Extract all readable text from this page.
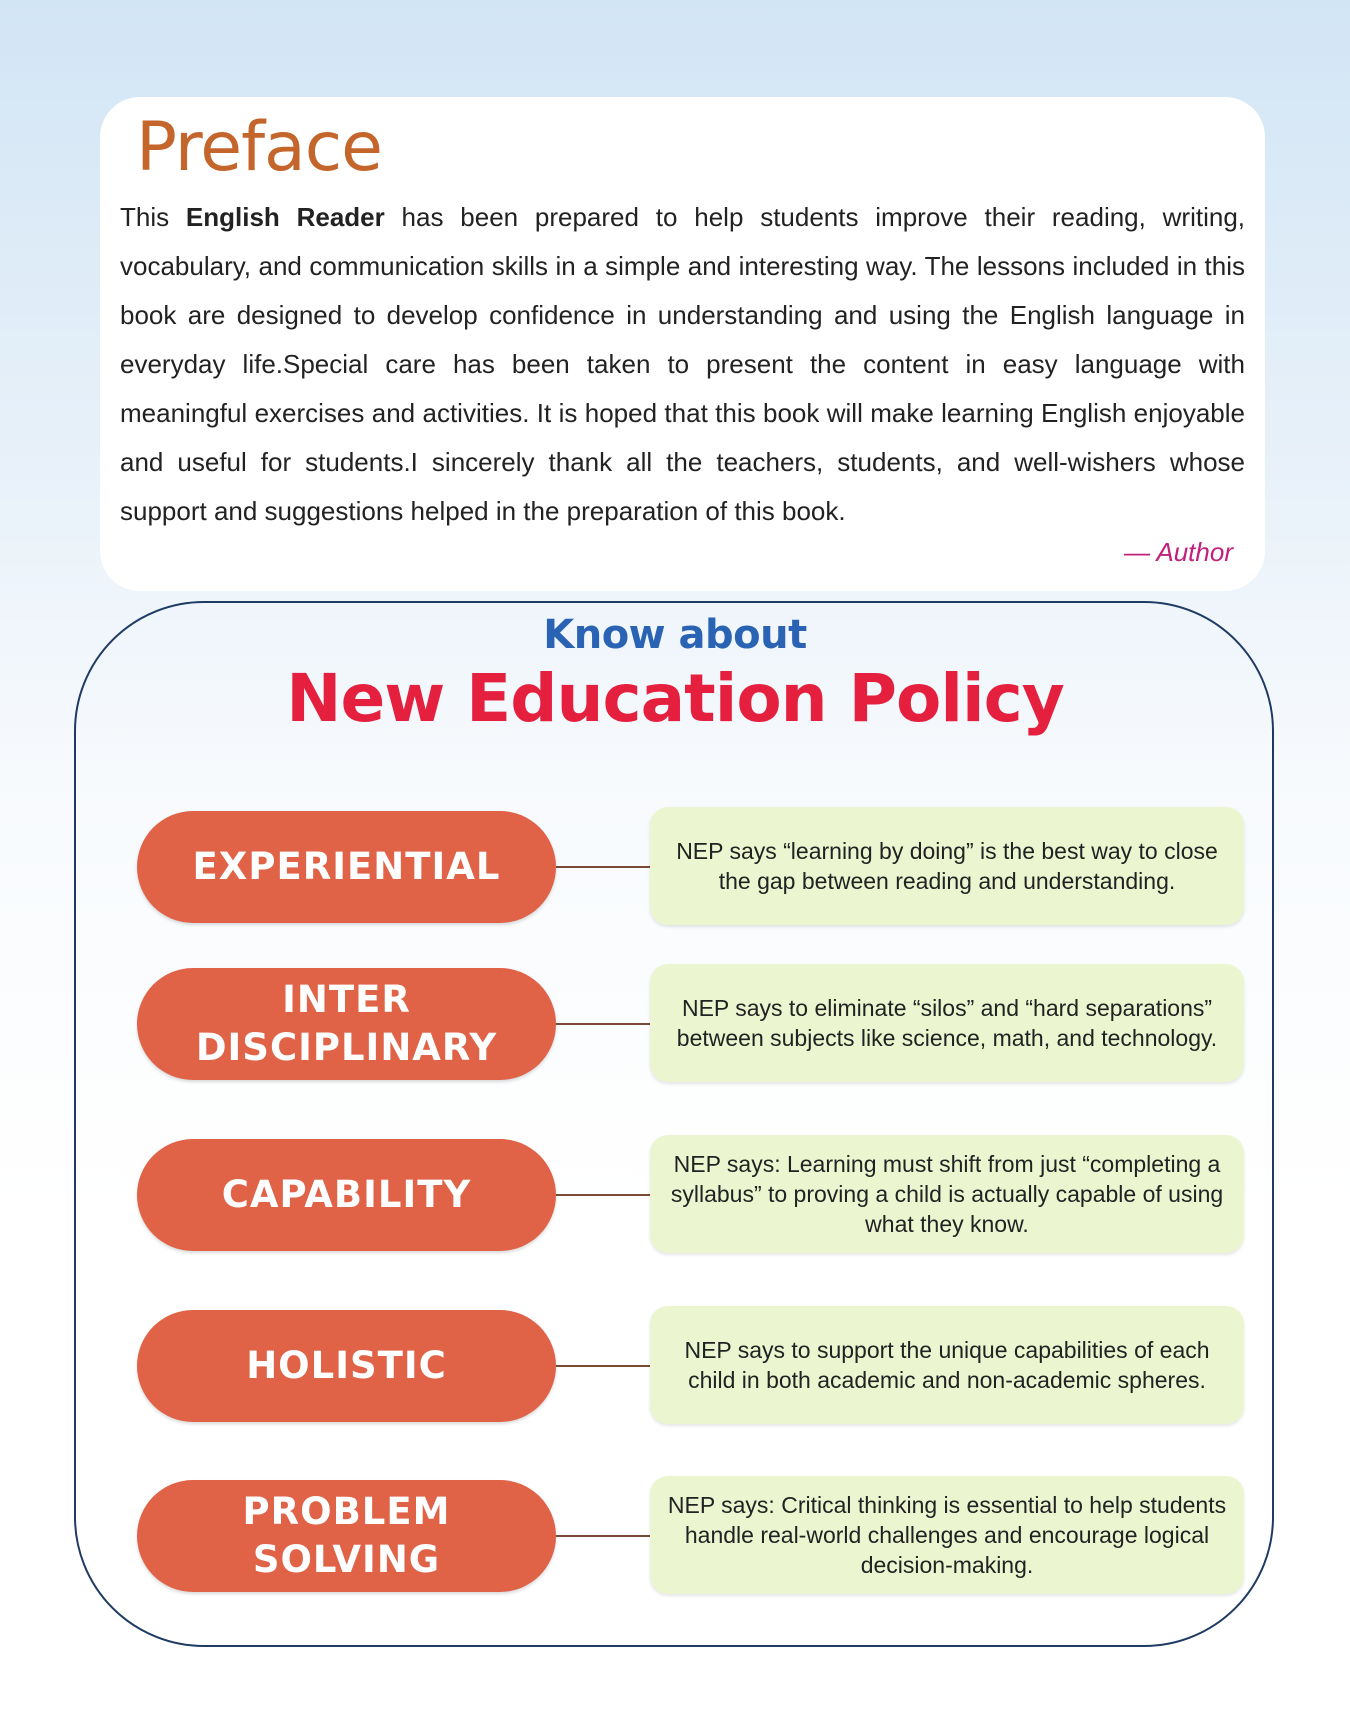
Preface

This English Reader has been prepared to help students improve their reading, writing, vocabulary, and communication skills in a simple and interesting way. The lessons included in this book are designed to develop confidence in understanding and using the English language in everyday life.Special care has been taken to present the content in easy language with meaningful exercises and activities. It is hoped that this book will make learning English enjoyable and useful for students.I sincerely thank all the teachers, students, and well-wishers whose support and suggestions helped in the preparation of this book.

— Author
Know about
New Education Policy
EXPERIENTIAL	NEP says “learning by doing” is the best way to close the gap between reading and understanding.
INTER
DISCIPLINARY
NEP says to eliminate “silos” and “hard separations” between subjects like science, math, and technology.
CAPABILITY
NEP says: Learning must shift from just “completing a syllabus” to proving a child is actually capable of using what they know.
HOLISTIC	NEP says to support the unique capabilities of each child in both academic and non-academic spheres.
PROBLEM
SOLVING
NEP says: Critical thinking is essential to help students handle real-world challenges and encourage logical decision-making.
